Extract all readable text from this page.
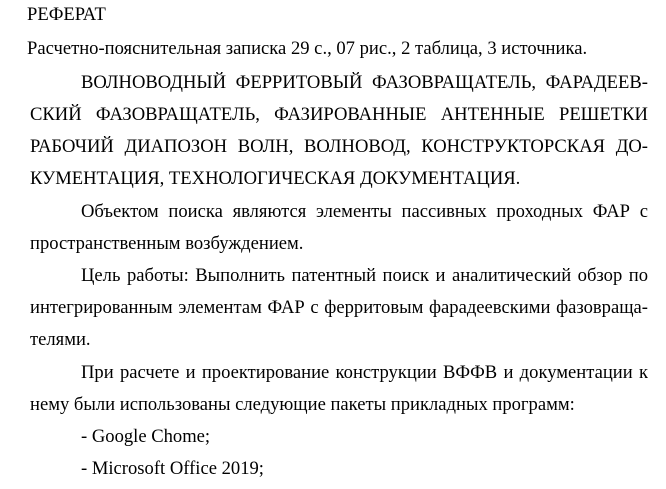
РЕФЕРАТ
Расчетно-пояснительная записка 29 с., 07 рис., 2 таблица, 3 источника.
ВОЛНОВОДНЫЙ ФЕРРИТОВЫЙ ФАЗОВРАЩАТЕЛЬ, ФАРАДЕЕВ-
СКИЙ ФАЗОВРАЩАТЕЛЬ, ФАЗИРОВАННЫЕ АНТЕННЫЕ РЕШЕТКИ
РАБОЧИЙ ДИАПОЗОН ВОЛН, ВОЛНОВОД, КОНСТРУКТОРСКАЯ ДО-
КУМЕНТАЦИЯ, ТЕХНОЛОГИЧЕСКАЯ ДОКУМЕНТАЦИЯ.
Объектом поиска являются элементы пассивных проходных ФАР с
пространственным возбуждением.
Цель работы: Выполнить патентный поиск и аналитический обзор по
интегрированным элементам ФАР с ферритовым фарадеевскими фазовраща-
телями.
При расчете и проектирование конструкции ВФФВ и документации к
нему были использованы следующие пакеты прикладных программ:
- Google Chome;
- Microsoft Office 2019;
